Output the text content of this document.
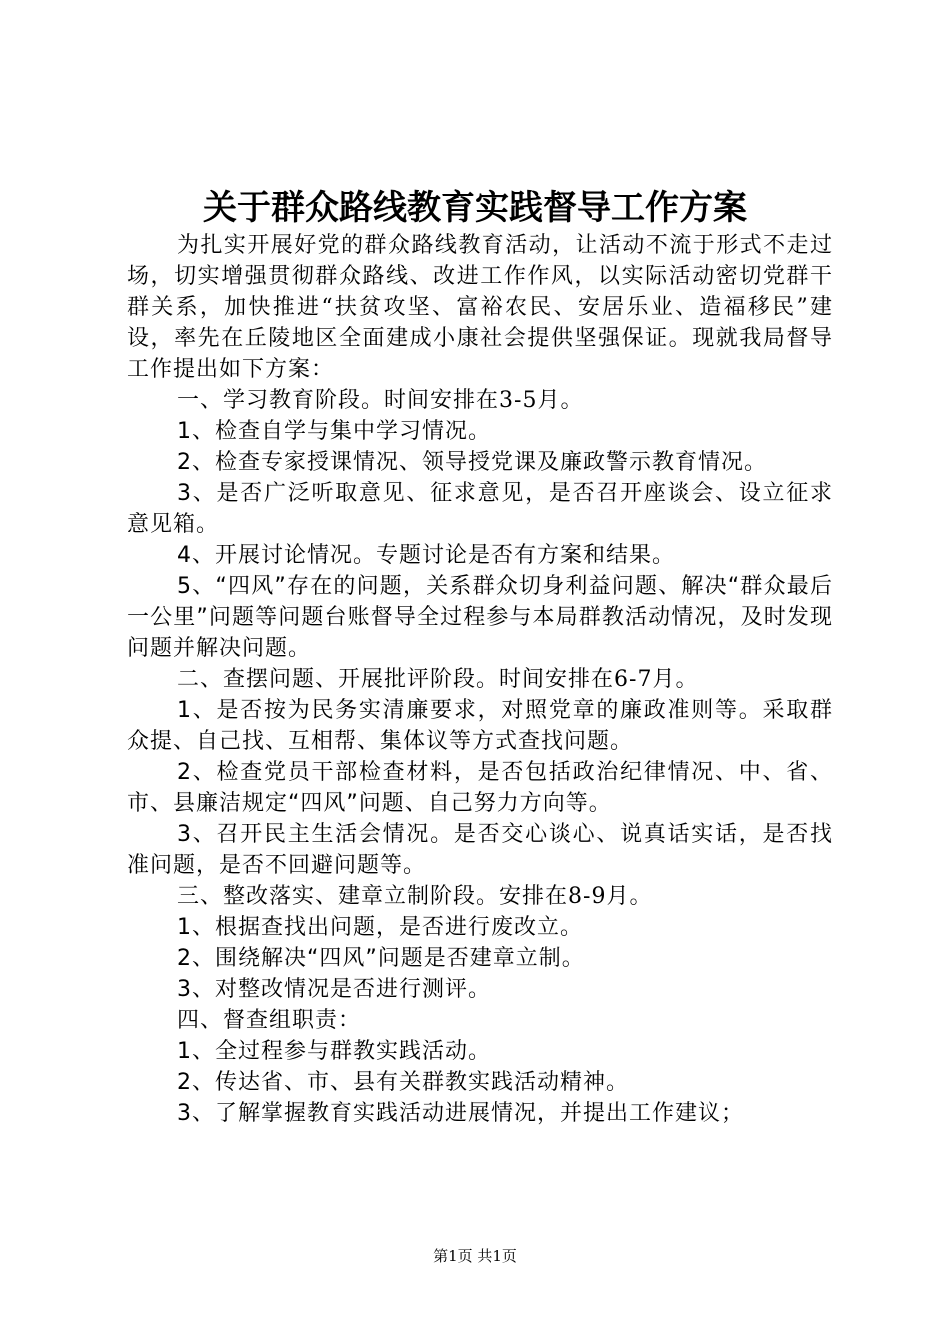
关于群众路线教育实践督导工作方案

为扎实开展好党的群众路线教育活动，让活动不流于形式不走过场，切实增强贯彻群众路线、改进工作作风，以实际活动密切党群干群关系，加快推进“扶贫攻坚、富裕农民、安居乐业、造福移民”建设，率先在丘陵地区全面建成小康社会提供坚强保证。现就我局督导工作提出如下方案：

一、学习教育阶段。时间安排在3-5月。

1、检查自学与集中学习情况。

2、检查专家授课情况、领导授党课及廉政警示教育情况。

3、是否广泛听取意见、征求意见，是否召开座谈会、设立征求意见箱。

4、开展讨论情况。专题讨论是否有方案和结果。

5、“四风”存在的问题，关系群众切身利益问题、解决“群众最后一公里”问题等问题台账督导全过程参与本局群教活动情况，及时发现问题并解决问题。

二、查摆问题、开展批评阶段。时间安排在6-7月。

1、是否按为民务实清廉要求，对照党章的廉政准则等。采取群众提、自己找、互相帮、集体议等方式查找问题。

2、检查党员干部检查材料，是否包括政治纪律情况、中、省、市、县廉洁规定“四风”问题、自己努力方向等。

3、召开民主生活会情况。是否交心谈心、说真话实话，是否找准问题，是否不回避问题等。

三、整改落实、建章立制阶段。安排在8-9月。

1、根据查找出问题，是否进行废改立。

2、围绕解决“四风”问题是否建章立制。

3、对整改情况是否进行测评。

四、督查组职责：

1、全过程参与群教实践活动。

2、传达省、市、县有关群教实践活动精神。

3、了解掌握教育实践活动进展情况，并提出工作建议；

第1页 共1页
